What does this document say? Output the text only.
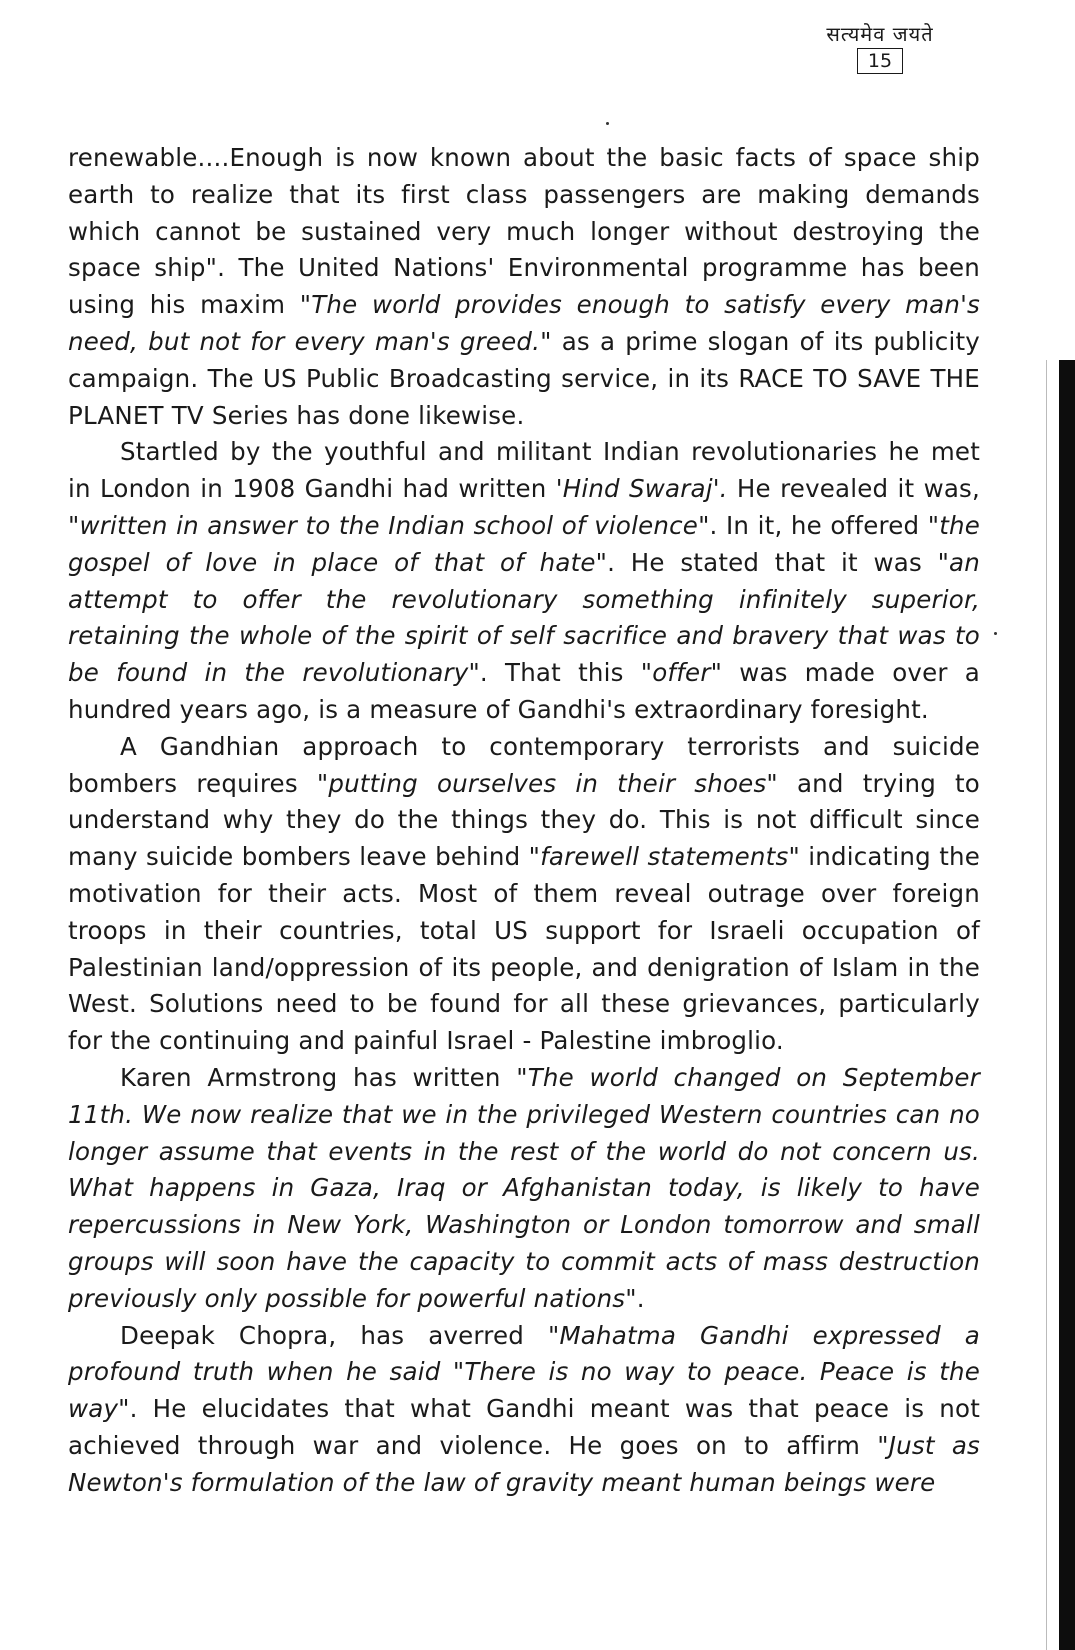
सत्यमेव जयते
15

renewable....Enough is now known about the basic facts of space ship earth to realize that its first class passengers are making demands which cannot be sustained very much longer without destroying the space ship". The United Nations' Environmental programme has been using his maxim "The world provides enough to satisfy every man's need, but not for every man's greed." as a prime slogan of its publicity campaign. The US Public Broadcasting service, in its RACE TO SAVE THE PLANET TV Series has done likewise.

Startled by the youthful and militant Indian revolutionaries he met in London in 1908 Gandhi had written 'Hind Swaraj'. He revealed it was, "written in answer to the Indian school of violence". In it, he offered "the gospel of love in place of that of hate". He stated that it was "an attempt to offer the revolutionary something infinitely superior, retaining the whole of the spirit of self sacrifice and bravery that was to be found in the revolutionary". That this "offer" was made over a hundred years ago, is a measure of Gandhi's extraordinary foresight.

A Gandhian approach to contemporary terrorists and suicide bombers requires "putting ourselves in their shoes" and trying to understand why they do the things they do. This is not difficult since many suicide bombers leave behind "farewell statements" indicating the motivation for their acts. Most of them reveal outrage over foreign troops in their countries, total US support for Israeli occupation of Palestinian land/oppression of its people, and denigration of Islam in the West. Solutions need to be found for all these grievances, particularly for the continuing and painful Israel - Palestine imbroglio.

Karen Armstrong has written "The world changed on September 11th. We now realize that we in the privileged Western countries can no longer assume that events in the rest of the world do not concern us. What happens in Gaza, Iraq or Afghanistan today, is likely to have repercussions in New York, Washington or London tomorrow and small groups will soon have the capacity to commit acts of mass destruction previously only possible for powerful nations".

Deepak Chopra, has averred "Mahatma Gandhi expressed a profound truth when he said "There is no way to peace. Peace is the way". He elucidates that what Gandhi meant was that peace is not achieved through war and violence. He goes on to affirm "Just as Newton's formulation of the law of gravity meant human beings were
